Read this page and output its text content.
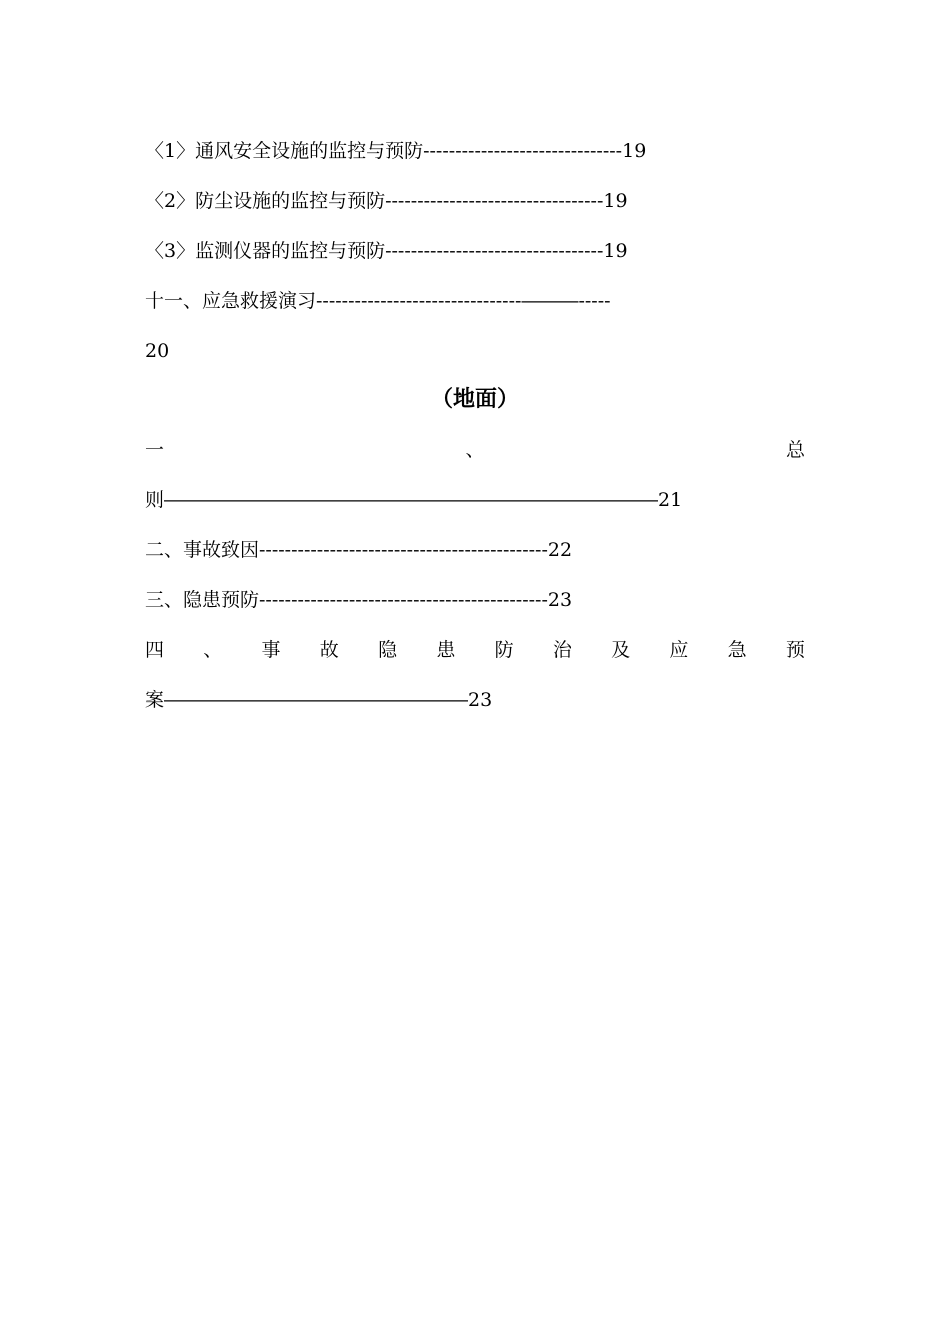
〈1〉通风安全设施的监控与预防-------------------------------19
〈2〉防尘设施的监控与预防----------------------------------19
〈3〉监测仪器的监控与预防----------------------------------19
十一、应急救援演习--------------------------------―――-----
20
（地面）
一	、	总
则――――――――――――――――――――――――――21
二、事故致因---------------------------------------------22
三、隐患预防---------------------------------------------23
四 、 事 故 隐 患 防 治 及 应 急 预
案――――――――――――――――23
